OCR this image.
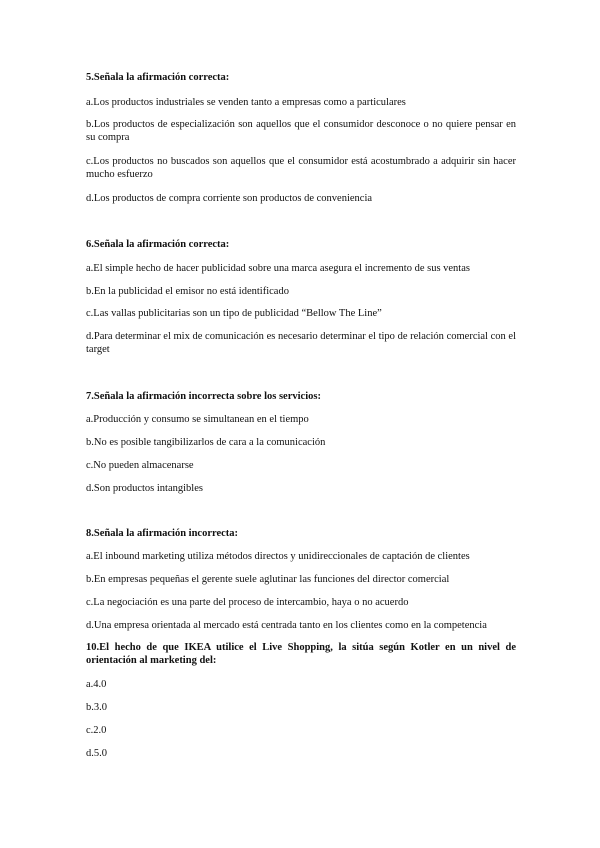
5.Señala la afirmación correcta:

a.Los productos industriales se venden tanto a empresas como a particulares

b.Los productos de especialización son aquellos que el consumidor desconoce o no quiere pensar en su compra

c.Los productos no buscados son aquellos que el consumidor está acostumbrado a adquirir sin hacer mucho esfuerzo

d.Los productos de compra corriente son productos de conveniencia

6.Señala la afirmación correcta:

a.El simple hecho de hacer publicidad sobre una marca asegura el incremento de sus ventas

b.En la publicidad el emisor no está identificado

c.Las vallas publicitarias son un tipo de publicidad “Bellow The Line”

d.Para determinar el mix de comunicación es necesario determinar el tipo de relación comercial con el target

7.Señala la afirmación incorrecta sobre los servicios:

a.Producción y consumo se simultanean en el tiempo

b.No es posible tangibilizarlos de cara a la comunicación

c.No pueden almacenarse

d.Son productos intangibles

8.Señala la afirmación incorrecta:

a.El inbound marketing utiliza métodos directos y unidireccionales de captación de clientes

b.En empresas pequeñas el gerente suele aglutinar las funciones del director comercial

c.La negociación es una parte del proceso de intercambio, haya o no acuerdo

d.Una empresa orientada al mercado está centrada tanto en los clientes como en la competencia

10.El hecho de que IKEA utilice el Live Shopping, la sitúa según Kotler en un nivel de orientación al marketing del:

a.4.0

b.3.0

c.2.0

d.5.0
